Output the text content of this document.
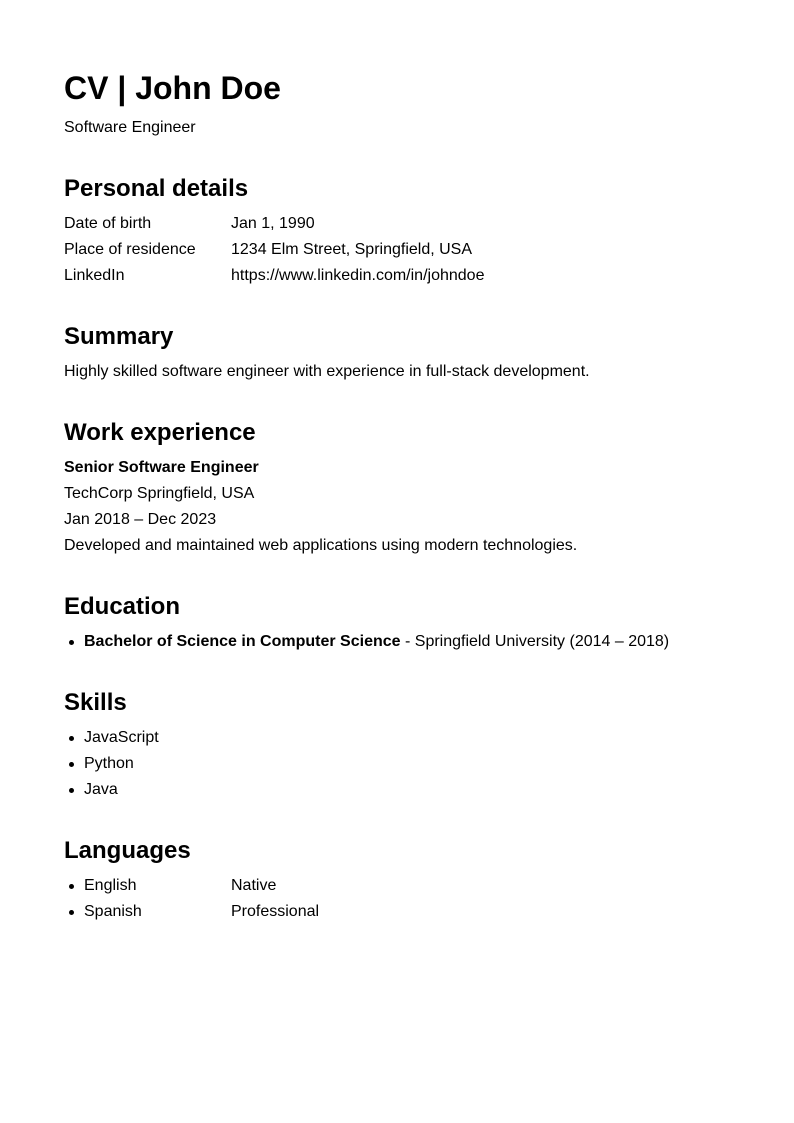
CV | John Doe

Software Engineer

Personal details
Date of birth	Jan 1, 1990
Place of residence 1234 Elm Street, Springfield, USA
LinkedIn	https://www.linkedin.com/in/johndoe
Summary
Highly skilled software engineer with experience in full-stack development.
Work experience
Senior Software Engineer
TechCorp Springfield, USA
Jan 2018 – Dec 2023
Developed and maintained web applications using modern technologies.
Education
Bachelor of Science in Computer Science - Springfield University (2014 – 2018)
Skills
JavaScript
Python
Java
Languages
English	Native
Spanish	Professional
